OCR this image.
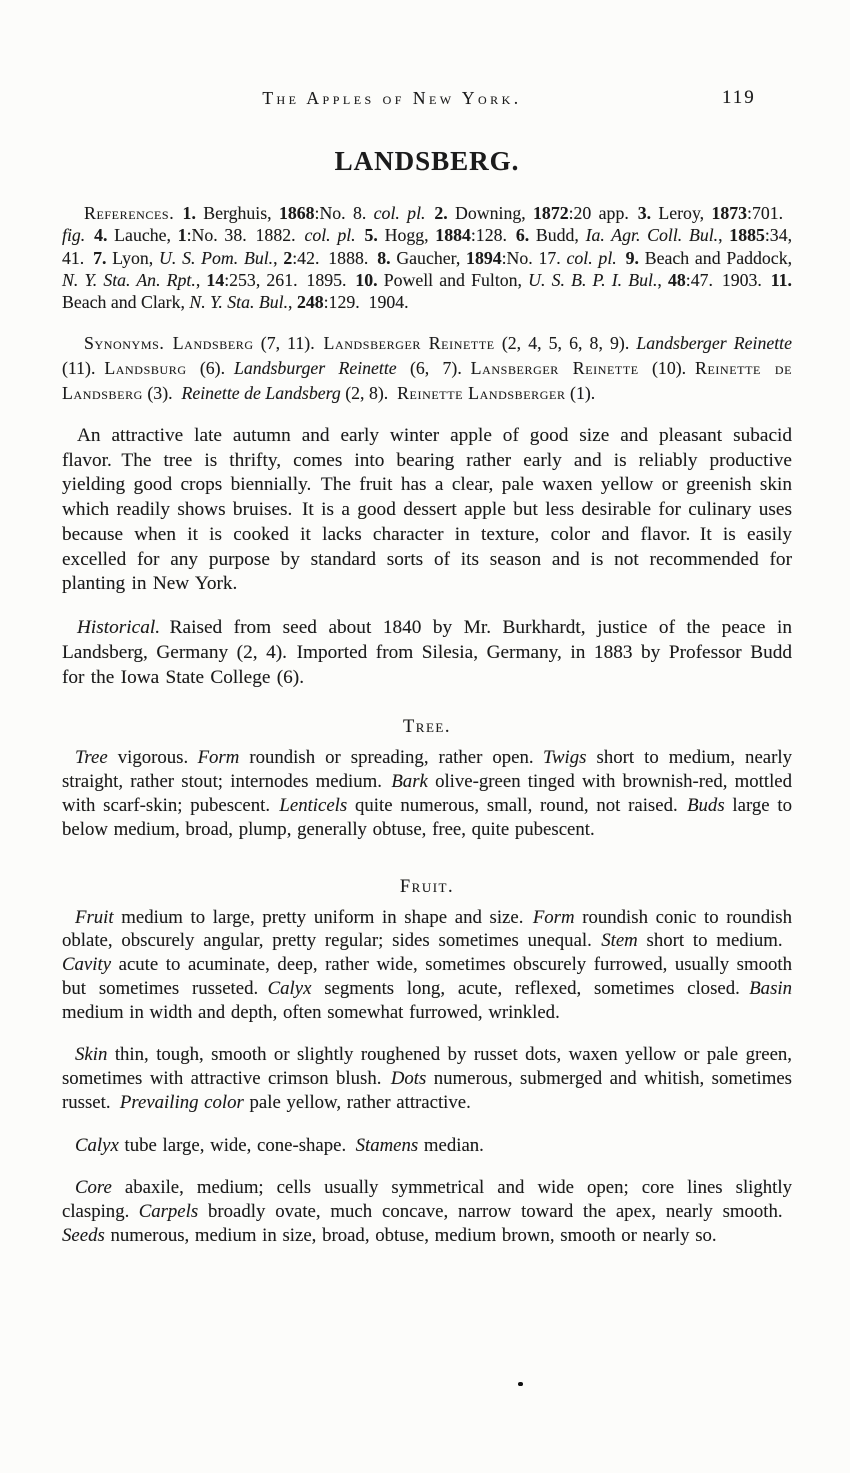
The Apples of New York.	119
LANDSBERG.

References. 1. Berghuis, 1868:No. 8. col. pl.  2. Downing, 1872:20 app. 3. Leroy, 1873:701. fig.  4. Lauche, 1:No. 38. 1882. col. pl.  5. Hogg, 1884:128. 6. Budd, Ia. Agr. Coll. Bul., 1885:34, 41. 7. Lyon, U. S. Pom. Bul., 2:42. 1888. 8. Gaucher, 1894:No. 17. col. pl.  9. Beach and Paddock, N. Y. Sta. An. Rpt., 14:253, 261. 1895. 10. Powell and Fulton, U. S. B. P. I. Bul., 48:47. 1903. 11. Beach and Clark, N. Y. Sta. Bul., 248:129. 1904.

Synonyms. Landsberg (7, 11). Landsberger Reinette (2, 4, 5, 6, 8, 9). Landsberger Reinette (11). Landsburg (6). Landsburger Reinette (6, 7). Lansberger Reinette (10). Reinette de Landsberg (3). Reinette de Landsberg (2, 8). Reinette Landsberger (1).

An attractive late autumn and early winter apple of good size and pleasant subacid flavor. The tree is thrifty, comes into bearing rather early and is reliably productive yielding good crops biennially. The fruit has a clear, pale waxen yellow or greenish skin which readily shows bruises. It is a good dessert apple but less desirable for culinary uses because when it is cooked it lacks character in texture, color and flavor. It is easily excelled for any purpose by standard sorts of its season and is not recommended for planting in New York.

Historical. Raised from seed about 1840 by Mr. Burkhardt, justice of the peace in Landsberg, Germany (2, 4). Imported from Silesia, Germany, in 1883 by Professor Budd for the Iowa State College (6).

Tree.

Tree vigorous. Form roundish or spreading, rather open. Twigs short to medium, nearly straight, rather stout; internodes medium. Bark olive-green tinged with brownish-red, mottled with scarf-skin; pubescent. Lenticels quite numerous, small, round, not raised. Buds large to below medium, broad, plump, generally obtuse, free, quite pubescent.

Fruit.

Fruit medium to large, pretty uniform in shape and size. Form roundish conic to roundish oblate, obscurely angular, pretty regular; sides sometimes unequal. Stem short to medium. Cavity acute to acuminate, deep, rather wide, sometimes obscurely furrowed, usually smooth but sometimes russeted. Calyx segments long, acute, reflexed, sometimes closed. Basin medium in width and depth, often somewhat furrowed, wrinkled.

Skin thin, tough, smooth or slightly roughened by russet dots, waxen yellow or pale green, sometimes with attractive crimson blush. Dots numerous, submerged and whitish, sometimes russet. Prevailing color pale yellow, rather attractive.

Calyx tube large, wide, cone-shape. Stamens median.

Core abaxile, medium; cells usually symmetrical and wide open; core lines slightly clasping. Carpels broadly ovate, much concave, narrow toward the apex, nearly smooth. Seeds numerous, medium in size, broad, obtuse, medium brown, smooth or nearly so.
